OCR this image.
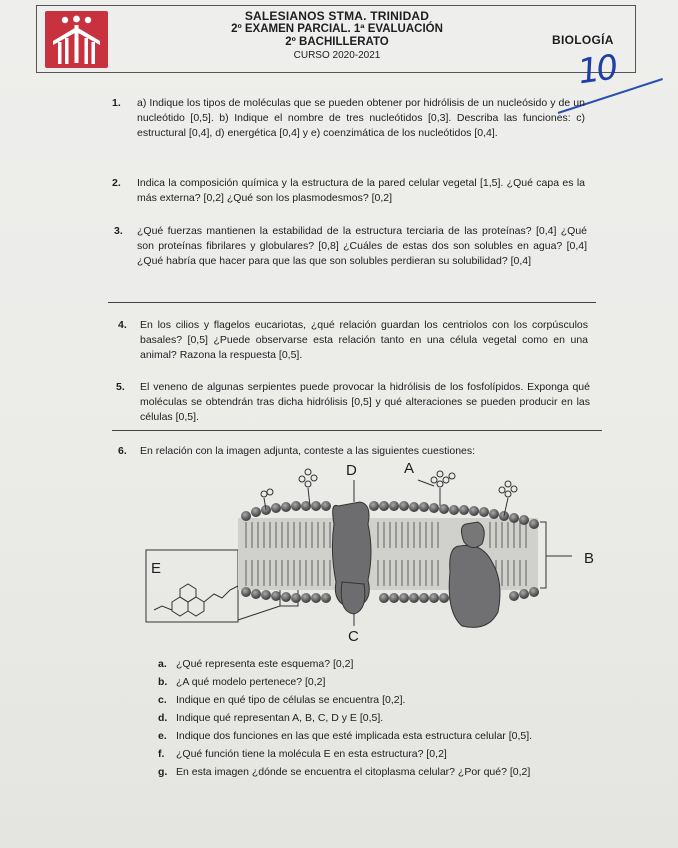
SALESIANOS STMA. TRINIDAD
2º EXAMEN PARCIAL. 1ª EVALUACIÓN
2º BACHILLERATO
CURSO 2020-2021
BIOLOGÍA
10
1. a) Indique los tipos de moléculas que se pueden obtener por hidrólisis de un nucleósido y de un nucleótido [0,5]. b) Indique el nombre de tres nucleótidos [0,3]. Describa las funciones: c) estructural [0,4], d) energética [0,4] y e) coenzimática de los nucleótidos [0,4].
2. Indica la composición química y la estructura de la pared celular vegetal [1,5]. ¿Qué capa es la más externa? [0,2] ¿Qué son los plasmodesmos? [0,2]
3. ¿Qué fuerzas mantienen la estabilidad de la estructura terciaria de las proteínas? [0,4] ¿Qué son proteínas fibrilares y globulares? [0,8] ¿Cuáles de estas dos son solubles en agua? [0,4] ¿Qué habría que hacer para que las que son solubles perdieran su solubilidad? [0,4]
4. En los cilios y flagelos eucariotas, ¿qué relación guardan los centriolos con los corpúsculos basales? [0,5] ¿Puede observarse esta relación tanto en una célula vegetal como en una animal? Razona la respuesta [0,5].
5. El veneno de algunas serpientes puede provocar la hidrólisis de los fosfolípidos. Exponga qué moléculas se obtendrán tras dicha hidrólisis [0,5] y qué alteraciones se pueden producir en las células [0,5].
6. En relación con la imagen adjunta, conteste a las siguientes cuestiones:
D	A
E
B
C
a. ¿Qué representa este esquema? [0,2]
b. ¿A qué modelo pertenece? [0,2]
c. Indique en qué tipo de células se encuentra [0,2].
d. Indique qué representan A, B, C, D y E [0,5].
e. Indique dos funciones en las que esté implicada esta estructura celular [0,5].
f. ¿Qué función tiene la molécula E en esta estructura? [0,2]
g. En esta imagen ¿dónde se encuentra el citoplasma celular? ¿Por qué? [0,2]
